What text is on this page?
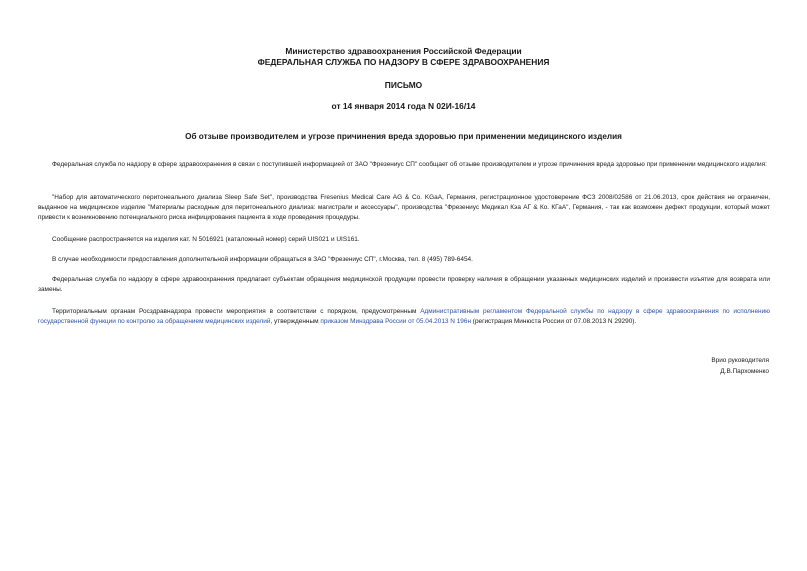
Министерство здравоохранения Российской Федерации
ФЕДЕРАЛЬНАЯ СЛУЖБА ПО НАДЗОРУ В СФЕРЕ ЗДРАВООХРАНЕНИЯ
ПИСЬМО
от 14 января 2014 года N 02И-16/14
Об отзыве производителем и угрозе причинения вреда здоровью при применении медицинского изделия
Федеральная служба по надзору в сфере здравоохранения в связи с поступившей информацией от ЗАО "Фрезениус СП" сообщает об отзыве производителем и угрозе причинения вреда здоровью при применении медицинского изделия:
"Набор для автоматического перитонеального диализа Sleep Safe Set", производства Fresenius Medical Care AG & Co. KGaA, Германия, регистрационное удостоверение ФСЗ 2008/02586 от 21.06.2013, срок действия не ограничен, выданное на медицинское изделие "Материалы расходные для перитонеального диализа: магистрали и аксессуары", производства "Фрезениус Медикал Кэа АГ & Ко. КГаА", Германия, - так как возможен дефект продукции, который может привести к возникновению потенциального риска инфицирования пациента в ходе проведения процедуры.
Сообщение распространяется на изделия кат. N 5016921 (каталожный номер) серий UIS021 и UIS161.
В случае необходимости предоставления дополнительной информации обращаться в ЗАО "Фрезениус СП", г.Москва, тел. 8 (495) 789-6454.
Федеральная служба по надзору в сфере здравоохранения предлагает субъектам обращения медицинской продукции провести проверку наличия в обращении указанных медицинских изделий и произвести изъятие для возврата или замены.
Территориальным органам Росздравнадзора провести мероприятия в соответствии с порядком, предусмотренным Административным регламентом Федеральной службы по надзору в сфере здравоохранения по исполнению государственной функции по контролю за обращением медицинских изделий, утвержденным приказом Минздрава России от 05.04.2013 N 196н (регистрация Минюста России от 07.08.2013 N 29290).
Врио руководителя
Д.В.Пархоменко
